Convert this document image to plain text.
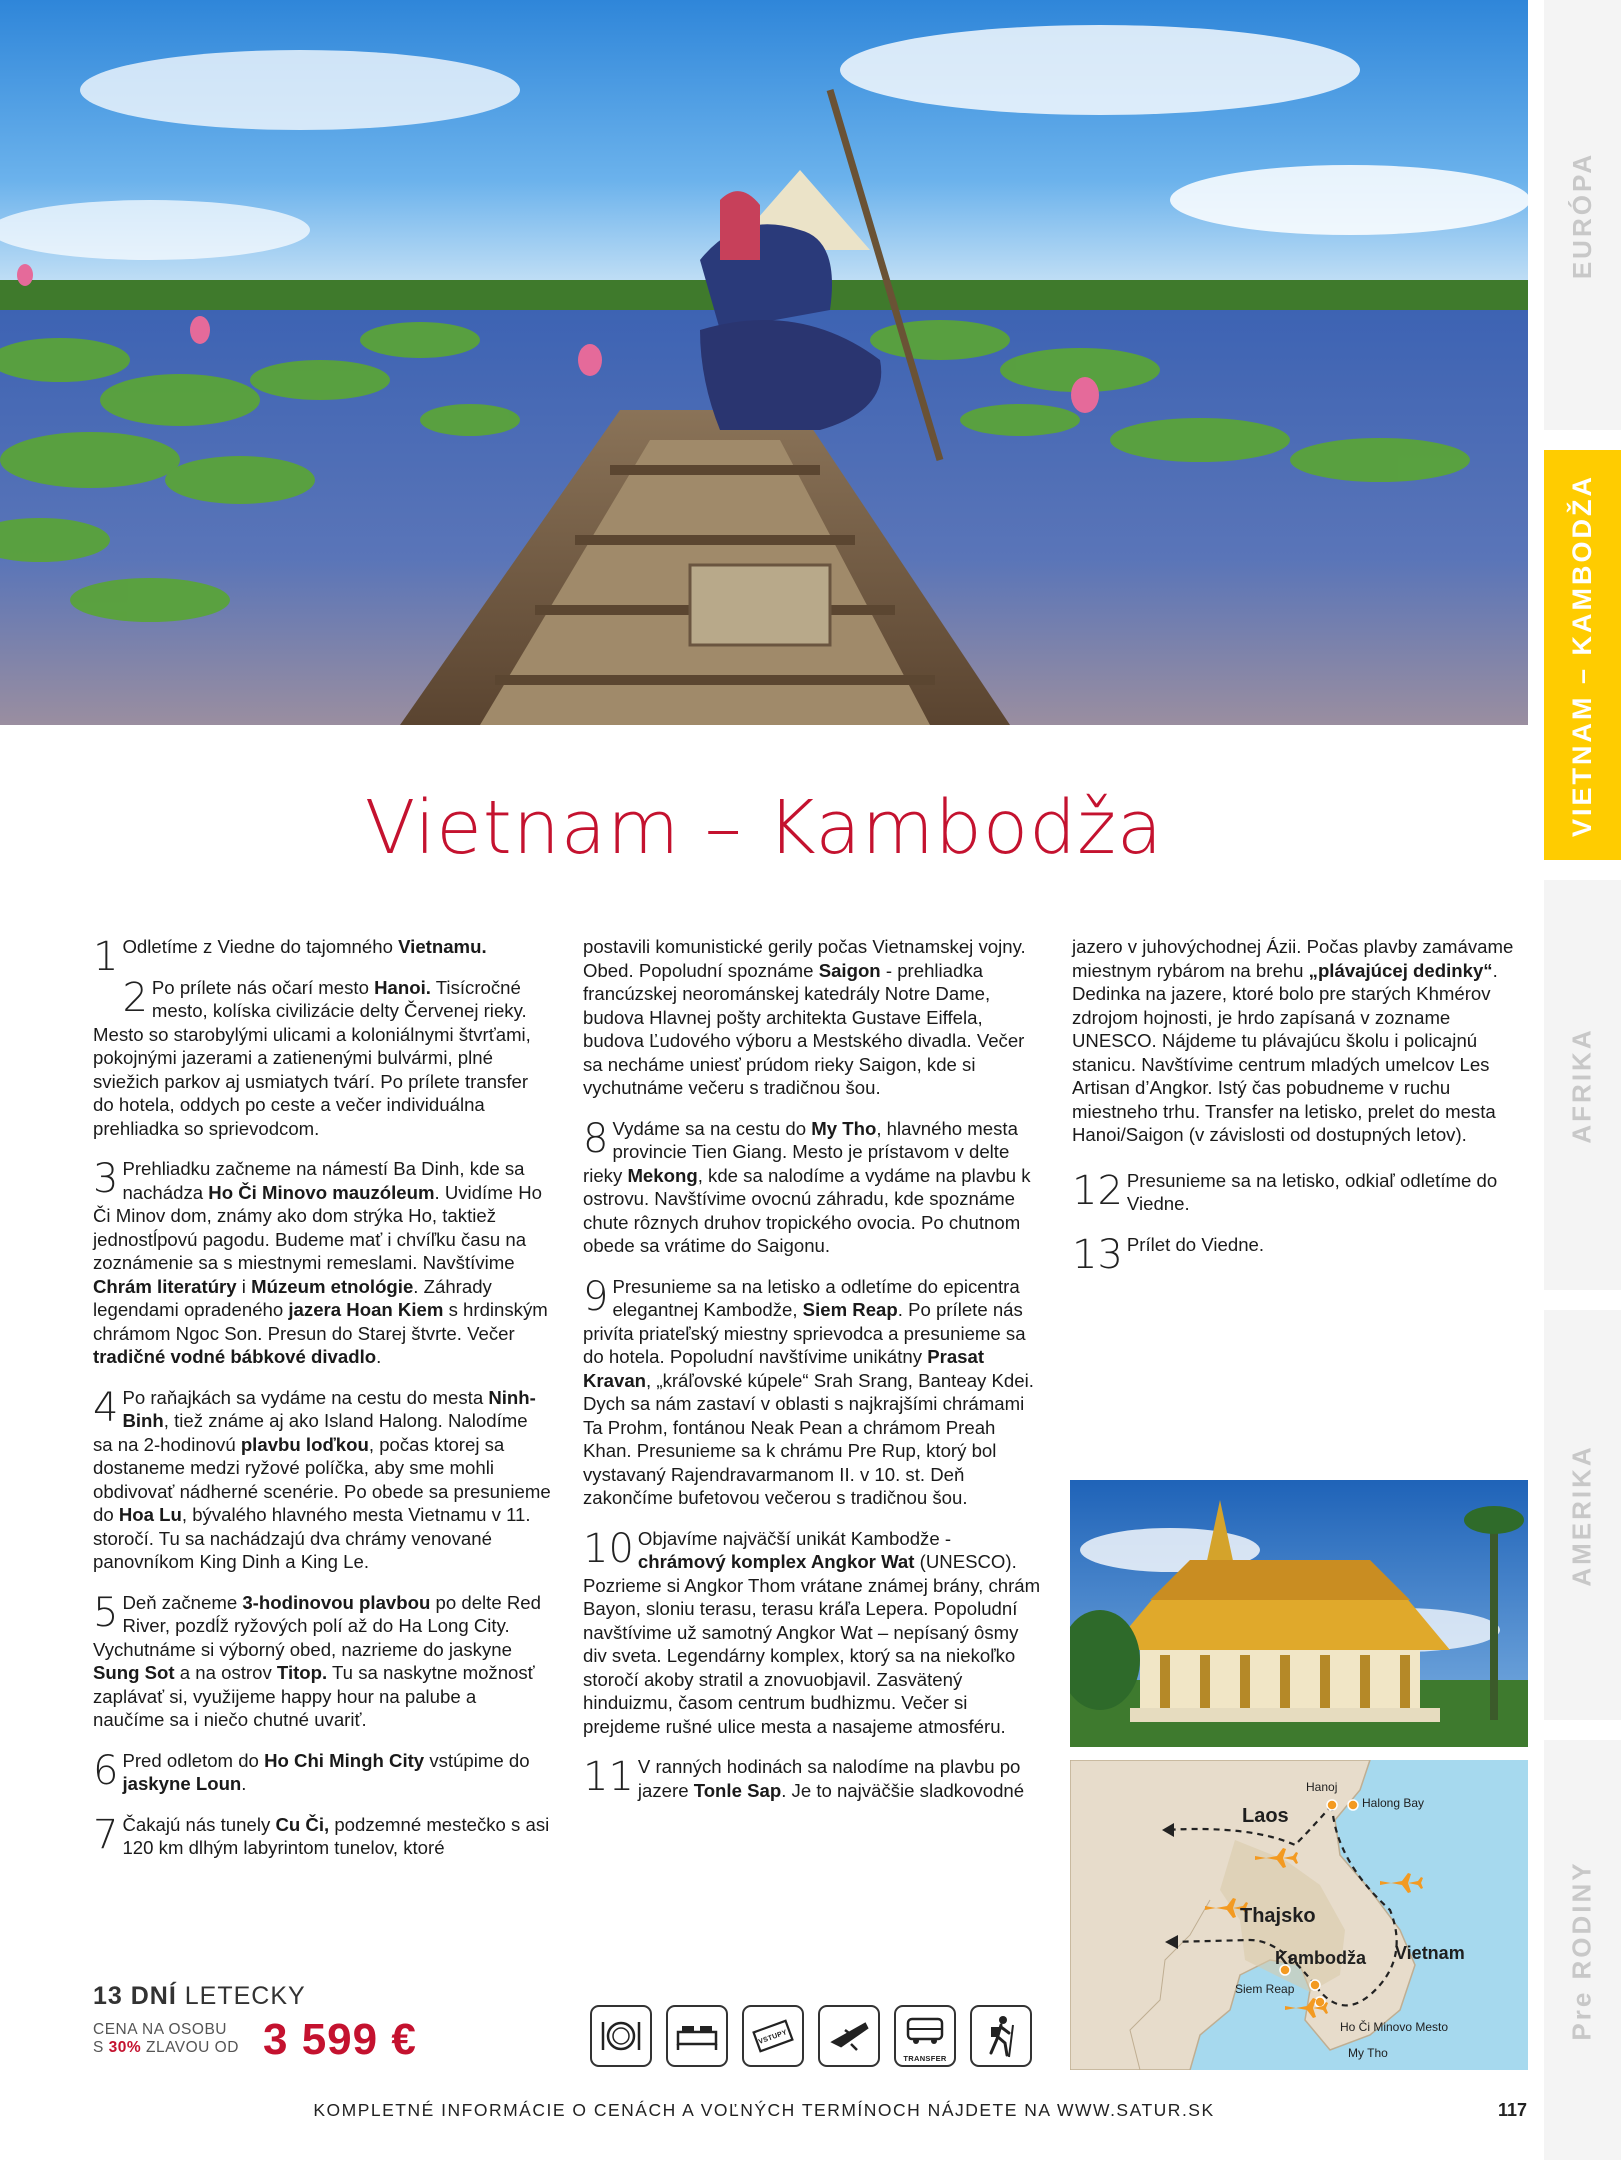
EURÓPA
VIETNAM – KAMBODŽA
AFRIKA
AMERIKA
Pre RODINY
Vietnam – Kambodža
1 Odletíme z Viedne do tajomného Vietnamu.

2 Po prílete nás očarí mesto Hanoi. Tisícročné mesto, kolíska civilizácie delty Červenej rieky. Mesto so starobylými ulicami a koloniálnymi štvrťami, pokojnými jazerami a zatienenými bulvármi, plné sviežich parkov aj usmiatych tvárí. Po prílete transfer do hotela, oddych po ceste a večer individuálna prehliadka so sprievodcom.

3 Prehliadku začneme na námestí Ba Dinh, kde sa nachádza Ho Či Minovo mauzóleum. Uvidíme Ho Či Minov dom, známy ako dom strýka Ho, taktiež jednostĺpovú pagodu. Budeme mať i chvíľku času na zoznámenie sa s miestnymi remeslami. Navštívime Chrám literatúry i Múzeum etnológie. Záhrady legendami opradeného jazera Hoan Kiem s hrdinským chrámom Ngoc Son. Presun do Starej štvrte. Večer tradičné vodné bábkové divadlo.

4 Po raňajkách sa vydáme na cestu do mesta Ninh-Binh, tiež známe aj ako Island Halong. Nalodíme sa na 2-hodinovú plavbu loďkou, počas ktorej sa dostaneme medzi ryžové políčka, aby sme mohli obdivovať nádherné scenérie. Po obede sa presunieme do Hoa Lu, bývalého hlavného mesta Vietnamu v 11. storočí. Tu sa nachádzajú dva chrámy venované panovníkom King Dinh a King Le.

5 Deň začneme 3-hodinovou plavbou po delte Red River, pozdĺž ryžových polí až do Ha Long City. Vychutnáme si výborný obed, nazrieme do jaskyne Sung Sot a na ostrov Titop. Tu sa naskytne možnosť zaplávať si, využijeme happy hour na palube a naučíme sa i niečo chutné uvariť.

6 Pred odletom do Ho Chi Mingh City vstúpime do jaskyne Loun.

7 Čakajú nás tunely Cu Či, podzemné mestečko s asi 120 km dlhým labyrintom tunelov, ktoré

postavili komunistické gerily počas Vietnamskej vojny. Obed. Popoludní spoznáme Saigon - prehliadka francúzskej neorománskej katedrály Notre Dame, budova Hlavnej pošty architekta Gustave Eiffela, budova Ľudového výboru a Mestského divadla. Večer sa necháme uniesť prúdom rieky Saigon, kde si vychutnáme večeru s tradičnou šou.

8 Vydáme sa na cestu do My Tho, hlavného mesta provincie Tien Giang. Mesto je prístavom v delte rieky Mekong, kde sa nalodíme a vydáme na plavbu k ostrovu. Navštívime ovocnú záhradu, kde spoznáme chute rôznych druhov tropického ovocia. Po chutnom obede sa vrátime do Saigonu.

9 Presunieme sa na letisko a odletíme do epicentra elegantnej Kambodže, Siem Reap. Po prílete nás privíta priateľský miestny sprievodca a presunieme sa do hotela. Popoludní navštívime unikátny Prasat Kravan, „kráľovské kúpele“ Srah Srang, Banteay Kdei. Dych sa nám zastaví v oblasti s najkrajšími chrámami Ta Prohm, fontánou Neak Pean a chrámom Preah Khan. Presunieme sa k chrámu Pre Rup, ktorý bol vystavaný Rajendravarmanom II. v 10. st. Deň zakončíme bufetovou večerou s tradičnou šou.

10 Objavíme najväčší unikát Kambodže - chrámový komplex Angkor Wat (UNESCO). Pozrieme si Angkor Thom vrátane známej brány, chrám Bayon, sloniu terasu, terasu kráľa Lepera. Popoludní navštívime už samotný Angkor Wat – nepísaný ôsmy div sveta. Legendárny komplex, ktorý sa na niekoľko storočí akoby stratil a znovuobjavil. Zasvätený hinduizmu, časom centrum budhizmu. Večer si prejdeme rušné ulice mesta a nasajeme atmosféru.

11 V ranných hodinách sa nalodíme na plavbu po jazere Tonle Sap. Je to najväčšie sladkovodné

jazero v juhovýchodnej Ázii. Počas plavby zamávame miestnym rybárom na brehu „plávajúcej dedinky“. Dedinka na jazere, ktoré bolo pre starých Khmérov zdrojom hojnosti, je hrdo zapísaná v zozname UNESCO. Nájdeme tu plávajúcu školu i policajnú stanicu. Navštívime centrum mladých umelcov Les Artisan d’Angkor. Istý čas pobudneme v ruchu miestneho trhu. Transfer na letisko, prelet do mesta Hanoi/Saigon (v závislosti od dostupných letov).

12 Presunieme sa na letisko, odkiaľ odletíme do Viedne.

13 Prílet do Viedne.

Laos
Thajsko
Kambodža Vietnam
Hanoj
Halong Bay
Siem Reap
Ho Či Minovo Mesto
My Tho
13 DNÍ LETECKY
CENA NA OSOBU
S 30% ZLAVOU OD 3 599 €	VSTUPY
TRANSFER
KOMPLETNÉ INFORMÁCIE O CENÁCH A VOĽNÝCH TERMÍNOCH NÁJDETE NA WWW.SATUR.SK	117
